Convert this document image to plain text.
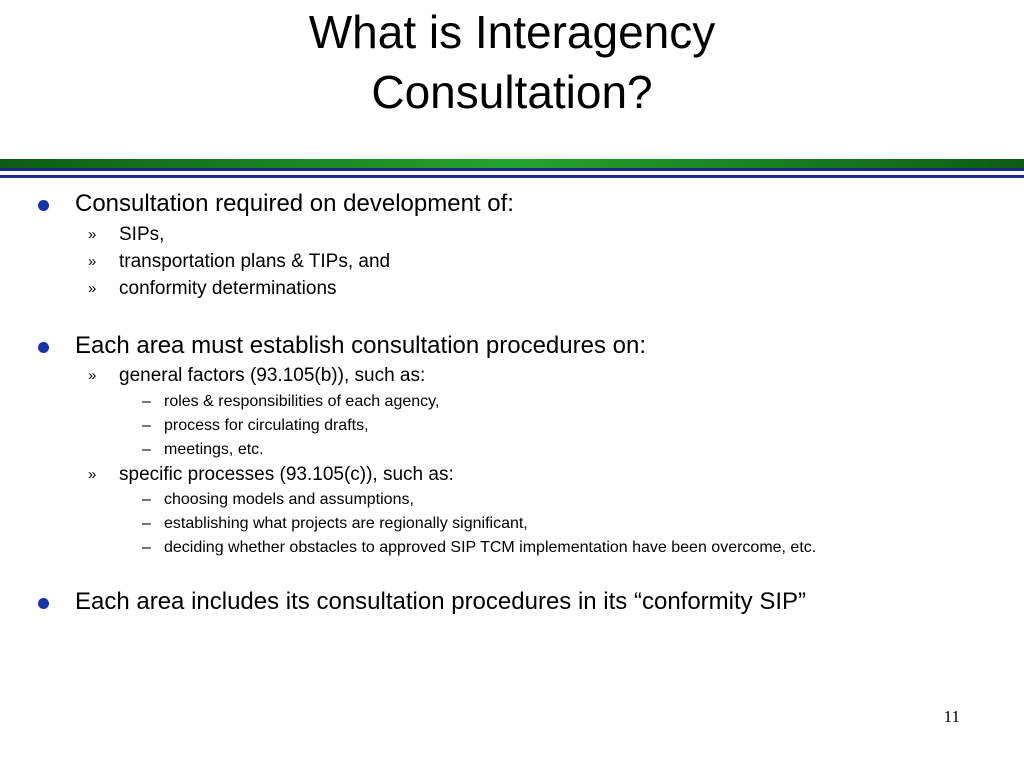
What is Interagency
Consultation?
Consultation required on development of:
» SIPs,
» transportation plans & TIPs, and
» conformity determinations
Each area must establish consultation procedures on:
» general factors (93.105(b)), such as:
– roles & responsibilities of each agency,
– process for circulating drafts,
– meetings, etc.
» specific processes (93.105(c)), such as:
– choosing models and assumptions,
– establishing what projects are regionally significant,
– deciding whether obstacles to approved SIP TCM implementation have been overcome, etc.
Each area includes its consultation procedures in its “conformity SIP”
11
